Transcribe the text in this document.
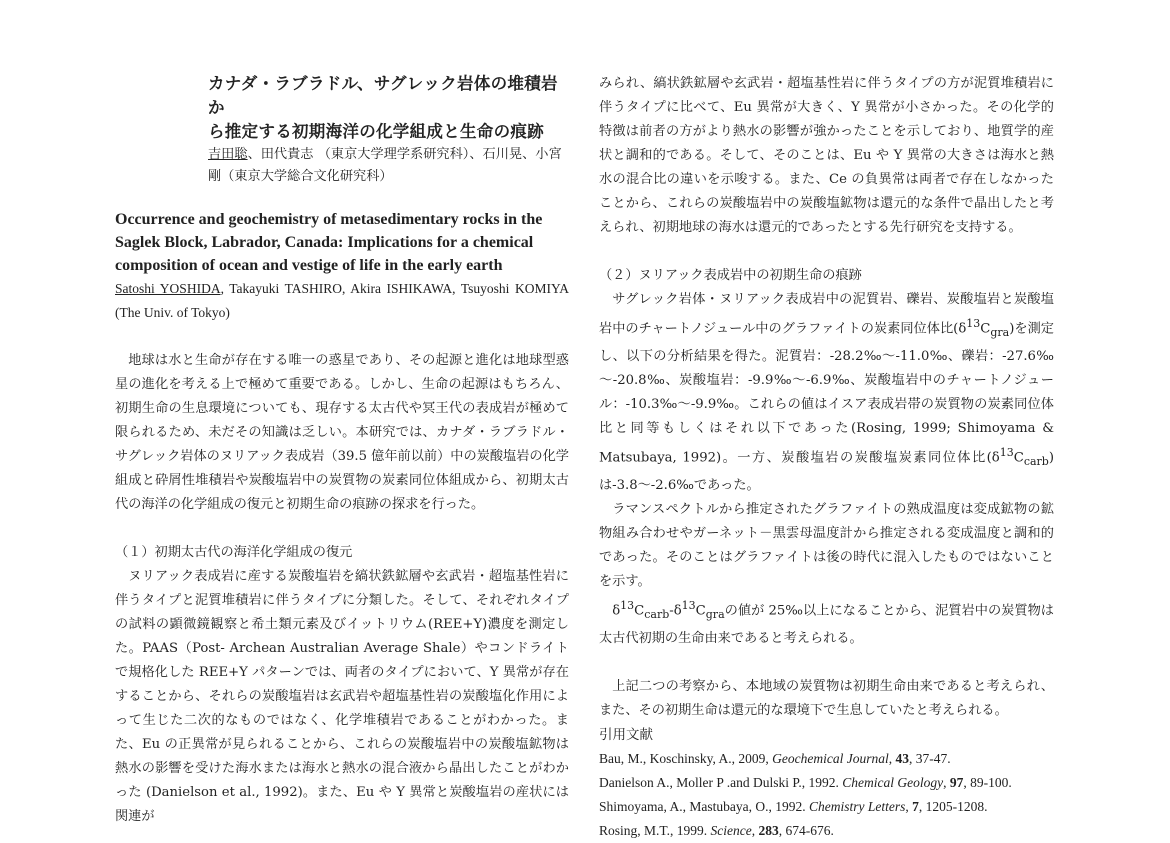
カナダ・ラブラドル、サグレック岩体の堆積岩か
ら推定する初期海洋の化学組成と生命の痕跡
吉田聡、田代貴志 （東京大学理学系研究科）、石川晃、小宮
剛（東京大学総合文化研究科）
Occurrence and geochemistry of metasedimentary rocks in the Saglek Block, Labrador, Canada: Implications for a chemical composition of ocean and vestige of life in the early earth
Satoshi YOSHIDA, Takayuki TASHIRO, Akira ISHIKAWA, Tsuyoshi KOMIYA (The Univ. of Tokyo)

地球は水と生命が存在する唯一の惑星であり、その起源と進化は地球型惑星の進化を考える上で極めて重要である。しかし、生命の起源はもちろん、初期生命の生息環境についても、現存する太古代や冥王代の表成岩が極めて限られるため、未だその知識は乏しい。本研究では、カナダ・ラブラドル・サグレック岩体のヌリアック表成岩（39.5 億年前以前）中の炭酸塩岩の化学組成と砕屑性堆積岩や炭酸塩岩中の炭質物の炭素同位体組成から、初期太古代の海洋の化学組成の復元と初期生命の痕跡の探求を行った。

（１）初期太古代の海洋化学組成の復元

ヌリアック表成岩に産する炭酸塩岩を縞状鉄鉱層や玄武岩・超塩基性岩に伴うタイプと泥質堆積岩に伴うタイプに分類した。そして、それぞれタイプの試料の顕微鏡観察と希土類元素及びイットリウム(REE+Y)濃度を測定した。PAAS（Post- Archean Australian Average Shale）やコンドライトで規格化した REE+Y パターンでは、両者のタイプにおいて、Y 異常が存在することから、それらの炭酸塩岩は玄武岩や超塩基性岩の炭酸塩化作用によって生じた二次的なものではなく、化学堆積岩であることがわかった。また、Eu の正異常が見られることから、これらの炭酸塩岩中の炭酸塩鉱物は熱水の影響を受けた海水または海水と熱水の混合液から晶出したことがわかった (Danielson et al., 1992)。また、Eu や Y 異常と炭酸塩岩の産状には関連が

みられ、縞状鉄鉱層や玄武岩・超塩基性岩に伴うタイプの方が泥質堆積岩に伴うタイプに比べて、Eu 異常が大きく、Y 異常が小さかった。その化学的特徴は前者の方がより熱水の影響が強かったことを示しており、地質学的産状と調和的である。そして、そのことは、Eu や Y 異常の大きさは海水と熱水の混合比の違いを示唆する。また、Ce の負異常は両者で存在しなかったことから、これらの炭酸塩岩中の炭酸塩鉱物は還元的な条件で晶出したと考えられ、初期地球の海水は還元的であったとする先行研究を支持する。

（２）ヌリアック表成岩中の初期生命の痕跡

サグレック岩体・ヌリアック表成岩中の泥質岩、礫岩、炭酸塩岩と炭酸塩岩中のチャートノジュール中のグラファイトの炭素同位体比$(\delta^{13}C_{gra})$を測定し、以下の分析結果を得た。泥質岩：-28.2‰～-11.0‰、礫岩：-27.6‰～-20.8‰、炭酸塩岩：-9.9‰～-6.9‰、炭酸塩岩中のチャートノジュール：-10.3‰～-9.9‰。これらの値はイスア表成岩帯の炭質物の炭素同位体比と同等もしくはそれ以下であった(Rosing, 1999; Shimoyama & Matsubaya, 1992)。一方、炭酸塩岩の炭酸塩炭素同位体比$(\delta^{13}C_{carb})$は-3.8～-2.6‰であった。

ラマンスペクトルから推定されたグラファイトの熟成温度は変成鉱物の鉱物組み合わせやガーネット－黒雲母温度計から推定される変成温度と調和的であった。そのことはグラファイトは後の時代に混入したものではないことを示す。

$\delta^{13}C_{carb}-\delta^{13}C_{gra}$の値が 25‰以上になることから、泥質岩中の炭質物は太古代初期の生命由来であると考えられる。

上記二つの考察から、本地域の炭質物は初期生命由来であると考えられ、また、その初期生命は還元的な環境下で生息していたと考えられる。

引用文献
Bau, M., Koschinsky, A., 2009, Geochemical Journal, 43, 37-47.
Danielson A., Moller P .and Dulski P., 1992. Chemical Geology, 97, 89-100.
Shimoyama, A., Mastubaya, O., 1992. Chemistry Letters, 7, 1205-1208.
Rosing, M.T., 1999. Science, 283, 674-676.
